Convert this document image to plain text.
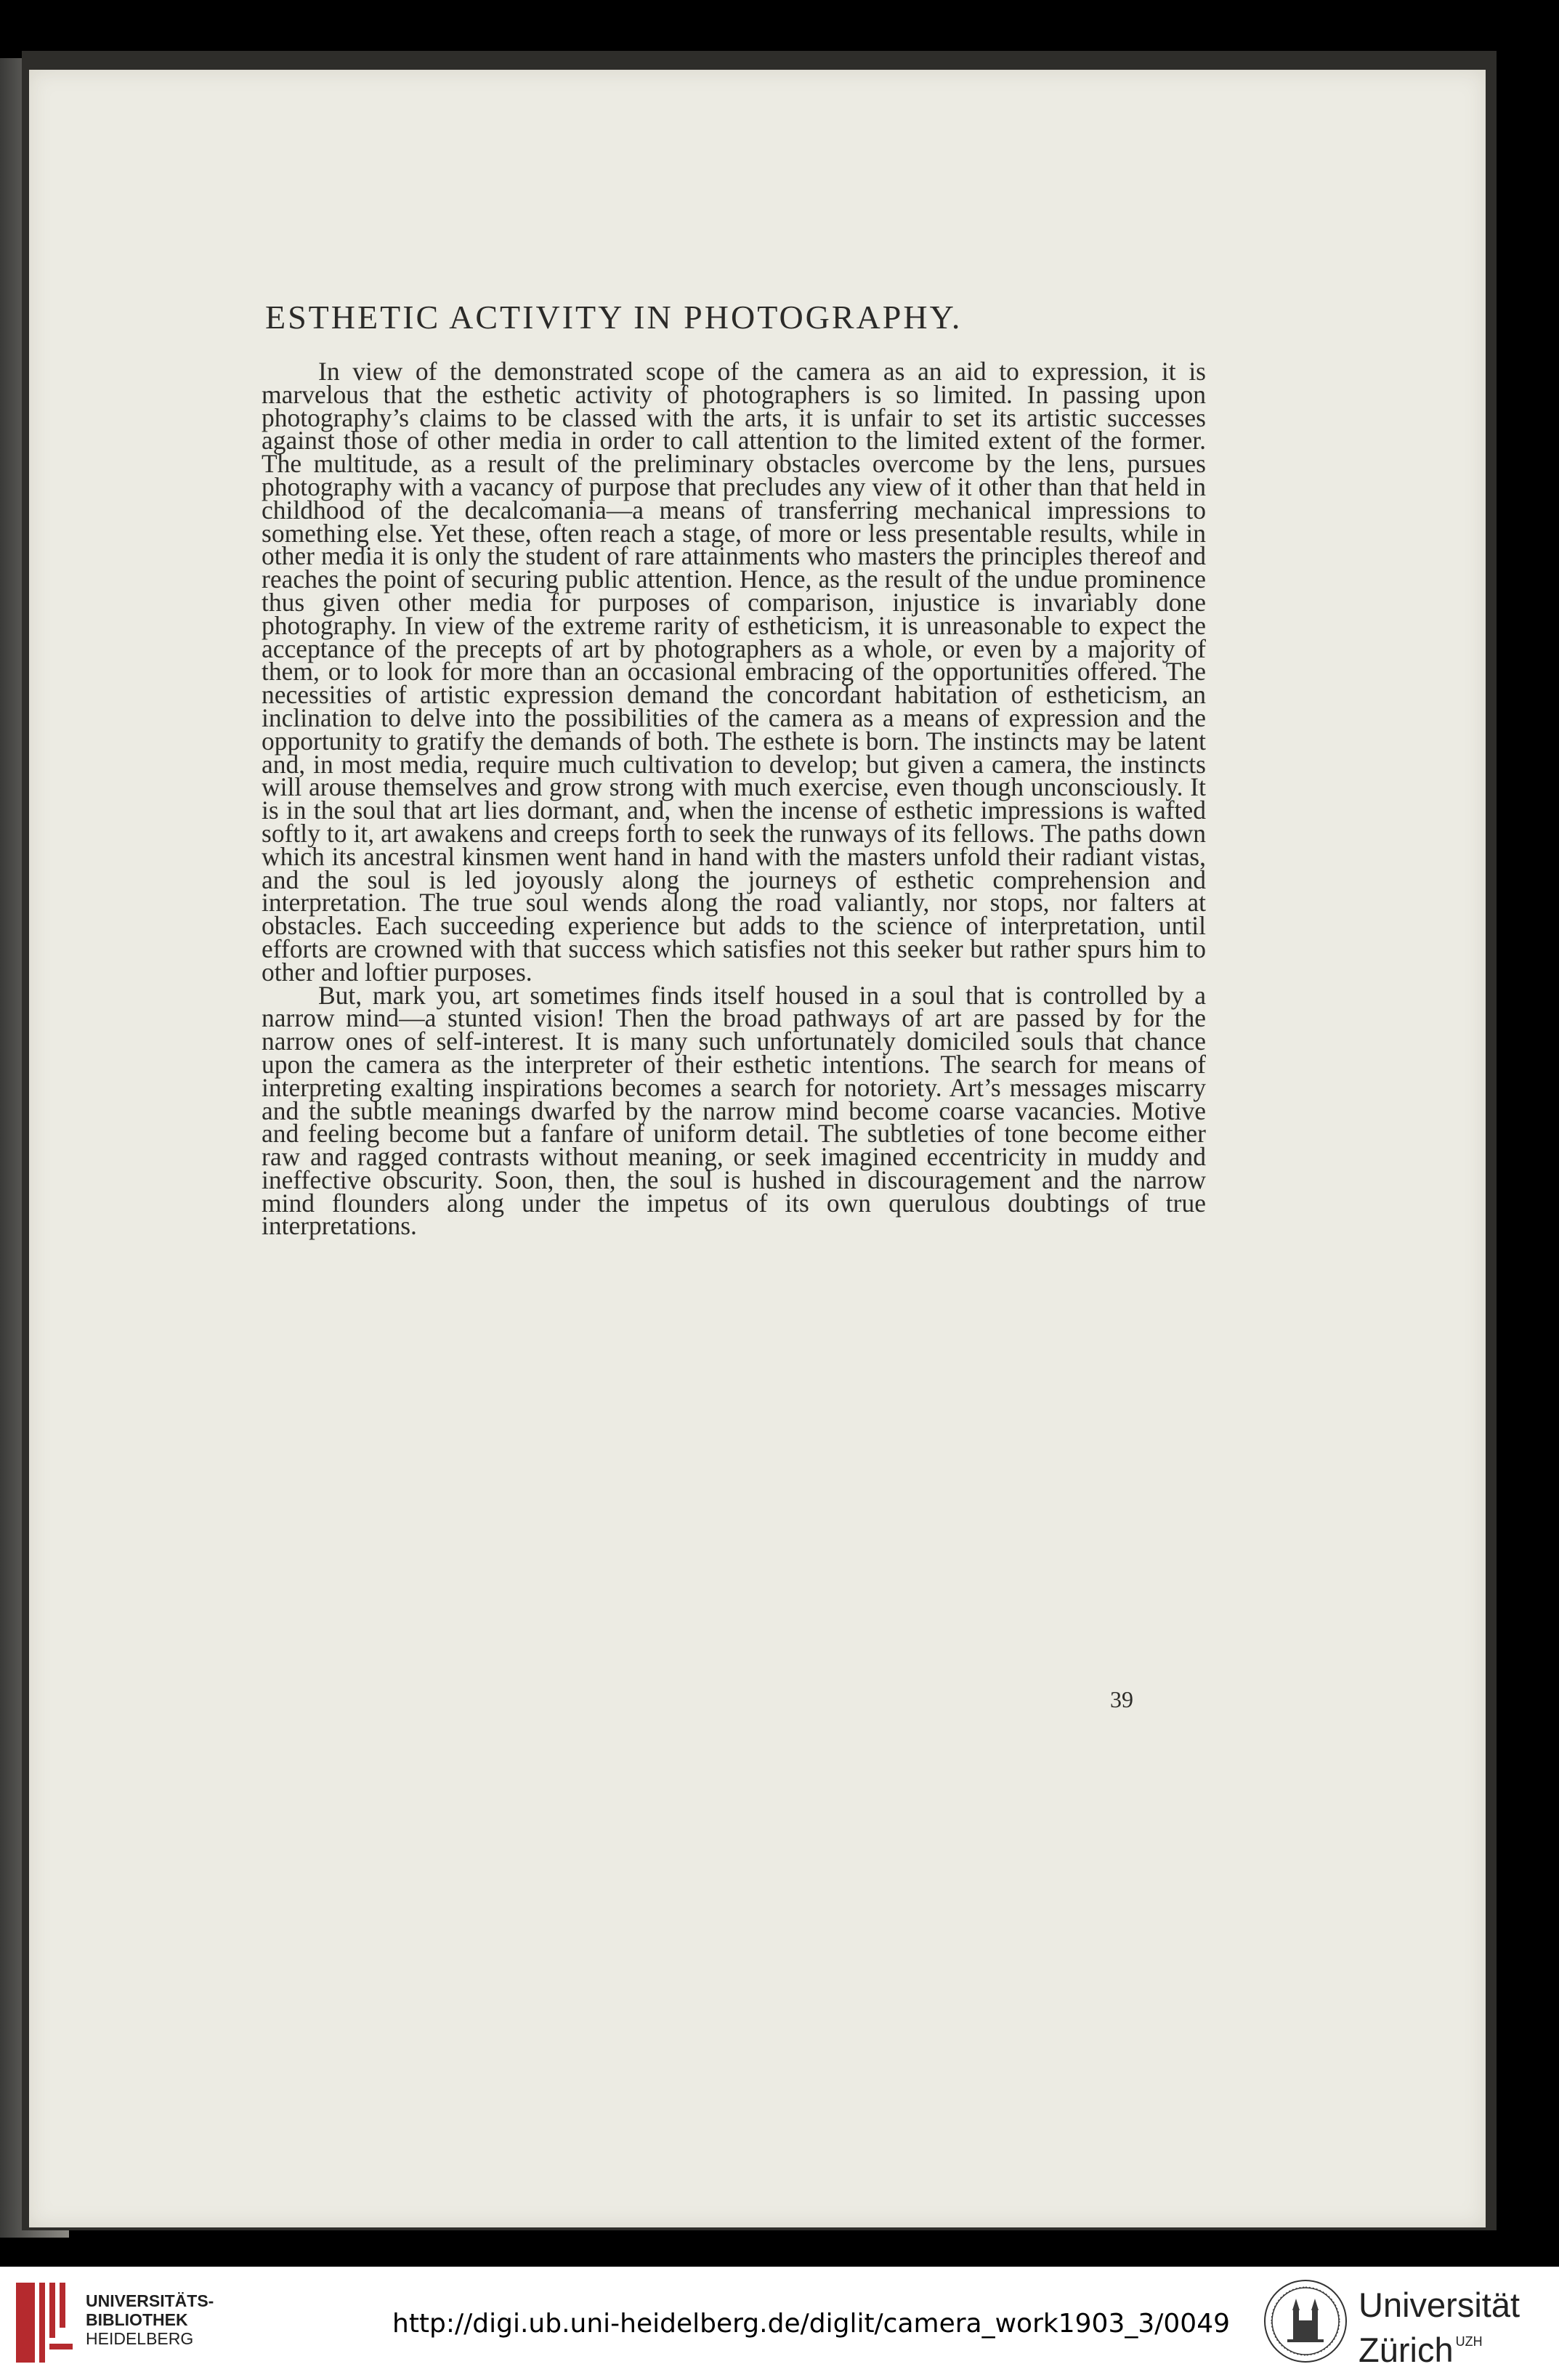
ESTHETIC ACTIVITY IN PHOTOGRAPHY.

In view of the demonstrated scope of the camera as an aid to expression, it is marvelous that the esthetic activity of photographers is so limited. In passing upon photography’s claims to be classed with the arts, it is unfair to set its artistic successes against those of other media in order to call attention to the limited extent of the former. The multitude, as a result of the preliminary obstacles overcome by the lens, pursues photography with a vacancy of purpose that precludes any view of it other than that held in childhood of the decalcomania—a means of transferring mechanical impressions to something else. Yet these, often reach a stage, of more or less presentable results, while in other media it is only the student of rare attainments who masters the principles thereof and reaches the point of securing public attention. Hence, as the result of the undue prominence thus given other media for purposes of comparison, injustice is invariably done photography. In view of the extreme rarity of estheticism, it is unreasonable to expect the acceptance of the precepts of art by photographers as a whole, or even by a majority of them, or to look for more than an occasional embracing of the opportunities offered. The necessities of artistic expression demand the concordant habitation of estheticism, an inclination to delve into the possibilities of the camera as a means of expression and the opportunity to gratify the demands of both. The esthete is born. The instincts may be latent and, in most media, require much cultivation to develop; but given a camera, the instincts will arouse themselves and grow strong with much exercise, even though unconsciously. It is in the soul that art lies dormant, and, when the incense of esthetic impressions is wafted softly to it, art awakens and creeps forth to seek the runways of its fellows. The paths down which its ancestral kinsmen went hand in hand with the masters unfold their radiant vistas, and the soul is led joyously along the journeys of esthetic comprehension and interpretation. The true soul wends along the road valiantly, nor stops, nor falters at obstacles. Each succeeding experience but adds to the science of interpretation, until efforts are crowned with that success which satisfies not this seeker but rather spurs him to other and loftier purposes.

But, mark you, art sometimes finds itself housed in a soul that is controlled by a narrow mind—a stunted vision! Then the broad pathways of art are passed by for the narrow ones of self-interest. It is many such unfortunately domiciled souls that chance upon the camera as the interpreter of their esthetic intentions. The search for means of interpreting exalting inspirations becomes a search for notoriety. Art’s messages miscarry and the subtle meanings dwarfed by the narrow mind become coarse vacancies. Motive and feeling become but a fanfare of uniform detail. The subtleties of tone become either raw and ragged contrasts without meaning, or seek imagined eccentricity in muddy and ineffective obscurity. Soon, then, the soul is hushed in discouragement and the narrow mind flounders along under the impetus of its own querulous doubtings of true interpretations.

39
UNIVERSITÄTS-
BIBLIOTHEK
HEIDELBERG	http://digi.ub.uni-heidelberg.de/diglit/camera_work1903_3/0049	Universität
Zürich $^{UZH}$
